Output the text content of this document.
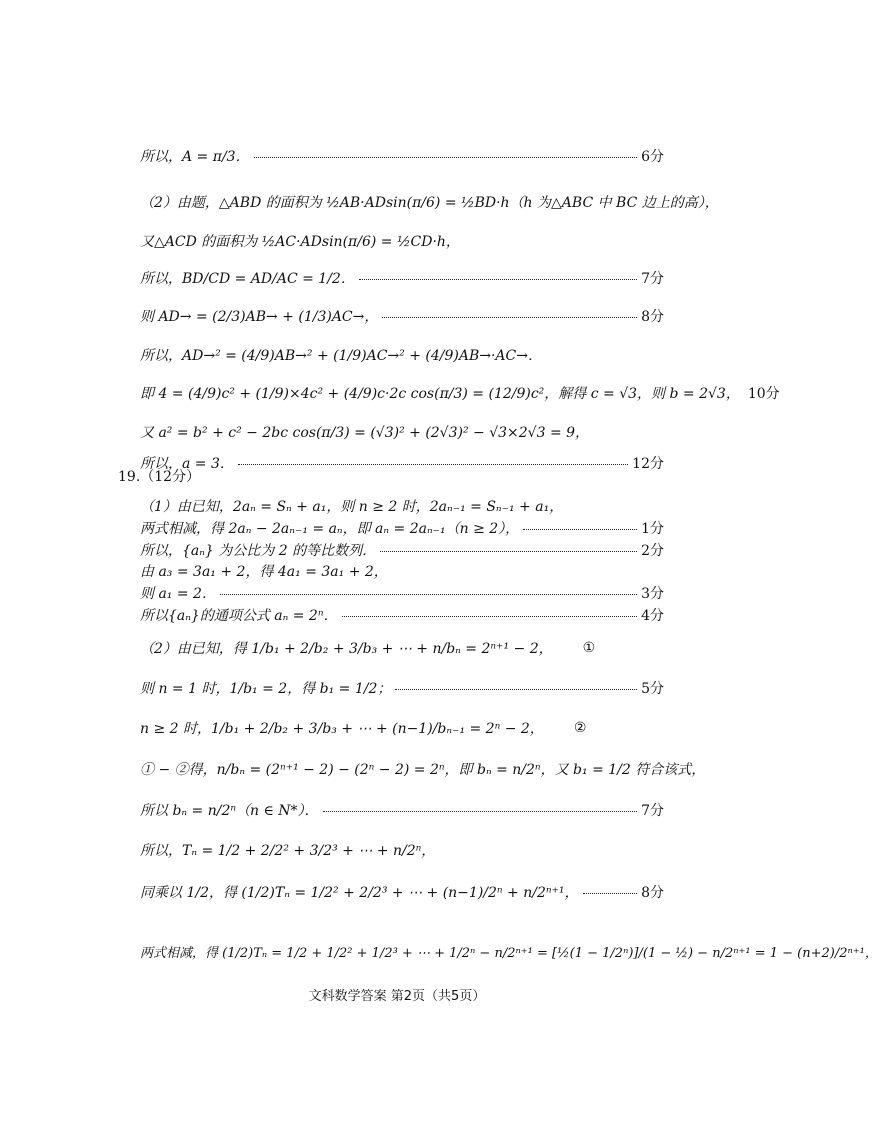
所以，A = π/3．	6分
（2）由题，△ABD 的面积为 ½AB·ADsin(π/6) = ½BD·h（h 为△ABC 中 BC 边上的高），
又△ACD 的面积为 ½AC·ADsin(π/6) = ½CD·h，
所以，BD/CD = AD/AC = 1/2．	7分
则 AD→ = (2/3)AB→ + (1/3)AC→，	8分
所以，AD→² = (4/9)AB→² + (1/9)AC→² + (4/9)AB→·AC→．
即 4 = (4/9)c² + (1/9)×4c² + (4/9)c·2c cos(π/3) = (12/9)c²，解得 c = √3，则 b = 2√3， 10分
又 a² = b² + c² − 2bc cos(π/3) = (√3)² + (2√3)² − √3×2√3 = 9，
所以，a = 3．	12分
19.（12分）
（1）由已知，2aₙ = Sₙ + a₁，则 n ≥ 2 时，2aₙ₋₁ = Sₙ₋₁ + a₁，
两式相减，得 2aₙ − 2aₙ₋₁ = aₙ，即 aₙ = 2aₙ₋₁（n ≥ 2），	1分
所以，{aₙ} 为公比为 2 的等比数列．	2分
由 a₃ = 3a₁ + 2，得 4a₁ = 3a₁ + 2，
则 a₁ = 2．	3分
所以{aₙ}的通项公式 aₙ = 2ⁿ．	4分
（2）由已知，得 1/b₁ + 2/b₂ + 3/b₃ + ⋯ + n/bₙ = 2ⁿ⁺¹ − 2， ①
则 n = 1 时，1/b₁ = 2，得 b₁ = 1/2；	5分
n ≥ 2 时，1/b₁ + 2/b₂ + 3/b₃ + ⋯ + (n−1)/bₙ₋₁ = 2ⁿ − 2， ②
① − ②得，n/bₙ = (2ⁿ⁺¹ − 2) − (2ⁿ − 2) = 2ⁿ，即 bₙ = n/2ⁿ，又 b₁ = 1/2 符合该式，
所以 bₙ = n/2ⁿ（n ∈ N*）．	7分
所以，Tₙ = 1/2 + 2/2² + 3/2³ + ⋯ + n/2ⁿ，
同乘以 1/2，得 (1/2)Tₙ = 1/2² + 2/2³ + ⋯ + (n−1)/2ⁿ + n/2ⁿ⁺¹，	8分
两式相减，得 (1/2)Tₙ = 1/2 + 1/2² + 1/2³ + ⋯ + 1/2ⁿ − n/2ⁿ⁺¹ = [½(1 − 1/2ⁿ)]/(1 − ½) − n/2ⁿ⁺¹ = 1 − (n+2)/2ⁿ⁺¹，
文科数学答案 第2页（共5页）
